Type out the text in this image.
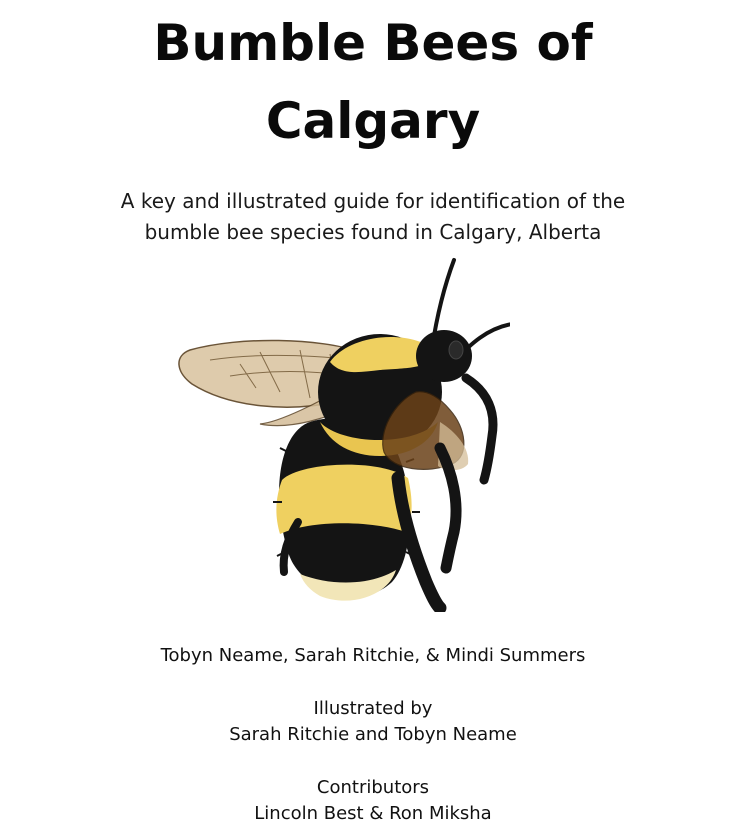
Bumble Bees of
Calgary
A key and illustrated guide for identification of the
bumble bee species found in Calgary, Alberta
Tobyn Neame, Sarah Ritchie, & Mindi Summers
Illustrated by
Sarah Ritchie and Tobyn Neame
Contributors
Lincoln Best & Ron Miksha
